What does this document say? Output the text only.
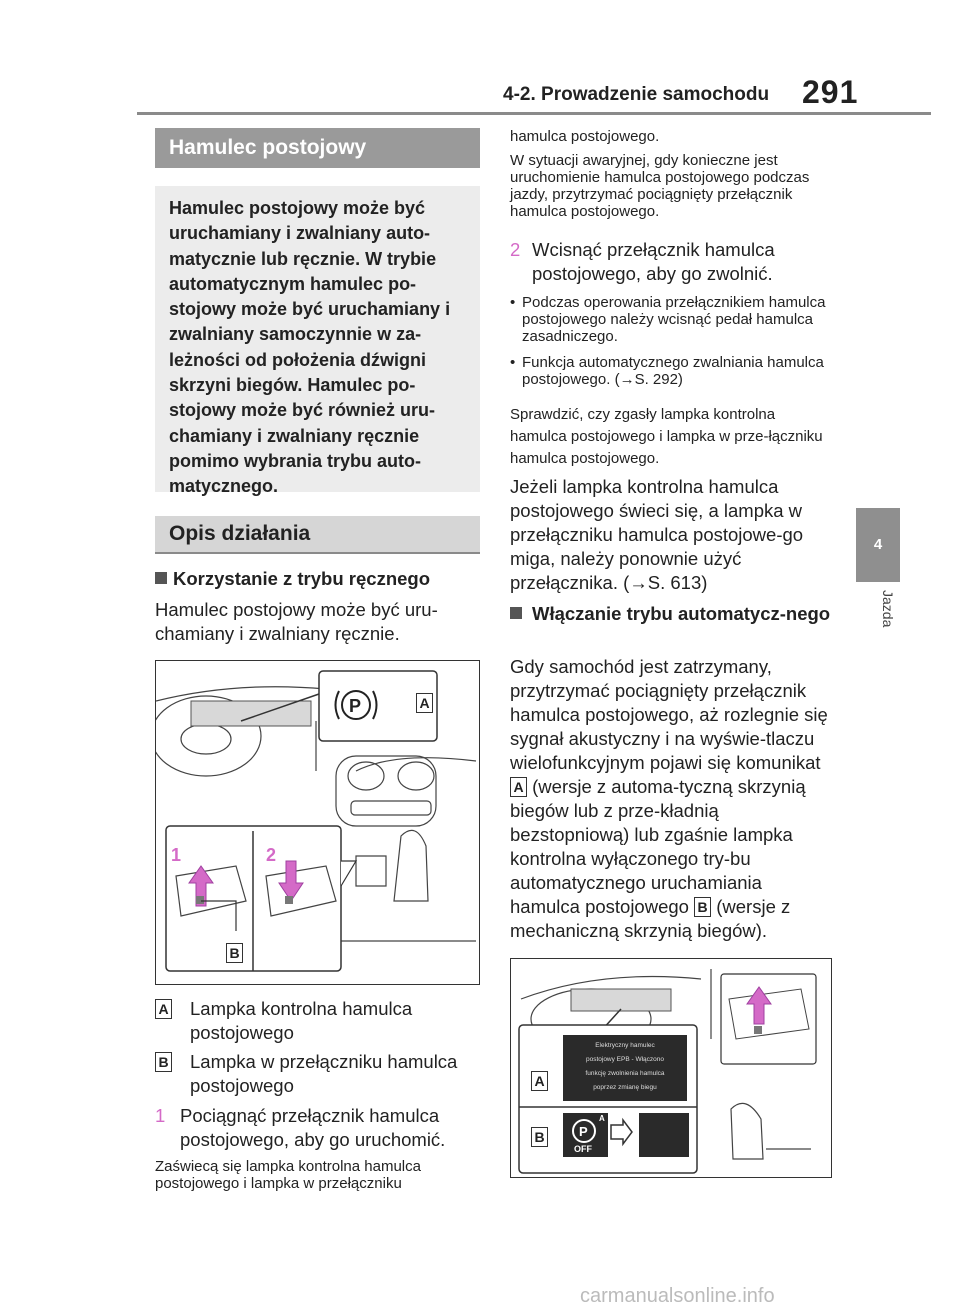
4-2. Prowadzenie samochodu 291
4
Jazda
Hamulec postojowy
Hamulec postojowy może być uruchamiany i zwalniany auto-matycznie lub ręcznie. W trybie automatycznym hamulec po-stojowy może być uruchamiany i zwalniany samoczynnie w za-leżności od położenia dźwigni skrzyni biegów. Hamulec po-stojowy może być również uru-chamiany i zwalniany ręcznie pomimo wybrania trybu auto-matycznego.
Opis działania
Korzystanie z trybu ręcznego
Hamulec postojowy może być uru-chamiany i zwalniany ręcznie.
P
1	2
A
B
A Lampka kontrolna hamulca postojowego
B Lampka w przełączniku hamulca postojowego
1 Pociągnąć przełącznik hamulca postojowego, aby go uruchomić.
Zaświecą się lampka kontrolna hamulca postojowego i lampka w przełączniku
hamulca postojowego.
W sytuacji awaryjnej, gdy konieczne jest uruchomienie hamulca postojowego podczas jazdy, przytrzymać pociągnięty przełącznik hamulca postojowego.
2 Wcisnąć przełącznik hamulca postojowego, aby go zwolnić.
• Podczas operowania przełącznikiem hamulca postojowego należy wcisnąć pedał hamulca zasadniczego.
• Funkcja automatycznego zwalniania hamulca postojowego. (→S. 292)
Sprawdzić, czy zgasły lampka kontrolna hamulca postojowego i lampka w prze-łączniku hamulca postojowego.
Jeżeli lampka kontrolna hamulca postojowego świeci się, a lampka w przełączniku hamulca postojowe-go miga, należy ponownie użyć przełącznika. (→S. 613)
Włączanie trybu automatycz-nego
Gdy samochód jest zatrzymany, przytrzymać pociągnięty przełącznik hamulca postojowego, aż rozlegnie się sygnał akustyczny i na wyświe-tlaczu wielofunkcyjnym pojawi się komunikat A (wersje z automa-tyczną skrzynią biegów lub z prze-kładnią bezstopniową) lub zgaśnie lampka kontrolna wyłączonego try-bu automatycznego uruchamiania hamulca postojowego B (wersje z mechaniczną skrzynią biegów).
P
Elektryczny hamulec
postojowy EPB - Włączono
funkcję zwolnienia hamulca
poprzez zmianę biegu
A
OFF
A
B
carmanualsonline.info
